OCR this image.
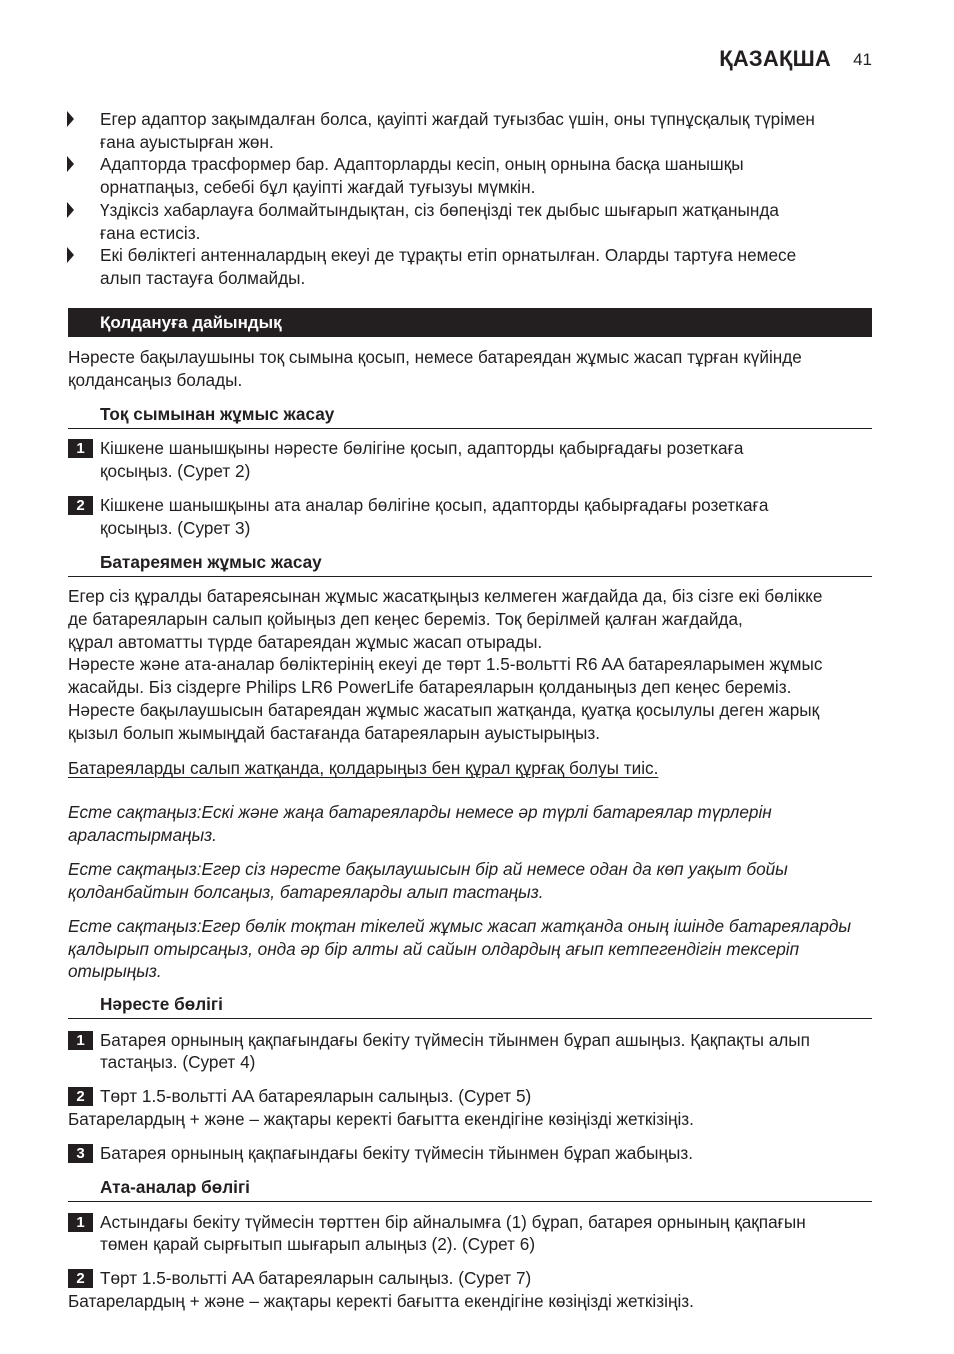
ҚАЗАҚША 41
Егер адаптор зақымдалған болса, қауіпті жағдай туғызбас үшін, оны түпнұсқалық түрімен
ғана ауыстырған жөн.
Адапторда трасформер бар. Адапторларды кесіп, оның орнына басқа шанышқы
орнатпаңыз, себебі бұл қауіпті жағдай туғызуы мүмкін.
Үздіксіз хабарлауға болмайтындықтан, сіз бөпеңізді тек дыбыс шығарып жатқанында
ғана естисіз.
Екі бөліктегі антенналардың екеуі де тұрақты етіп орнатылған. Оларды тартуға немесе
алып тастауға болмайды.
Қолдануға дайындық
Нәресте бақылаушыны тоқ сымына қосып, немесе батареядан жұмыс жасап тұрған күйінде
қолдансаңыз болады.
Тоқ сымынан жұмыс жасау
1 Кішкене шанышқыны нәресте бөлігіне қосып, адапторды қабырғадағы розеткаға
қосыңыз. (Сурет 2)
2 Кішкене шанышқыны ата аналар бөлігіне қосып, адапторды қабырғадағы розеткаға
қосыңыз. (Сурет 3)
Батареямен жұмыс жасау
Егер сіз құралды батареясынан жұмыс жасатқыңыз келмеген жағдайда да, біз сізге екі бөлікке
де батареяларын салып қойыңыз деп кеңес береміз. Тоқ берілмей қалған жағдайда,
құрал автоматты түрде батареядан жұмыс жасап отырады.
Нәресте және ата-аналар бөліктерінің екеуі де төрт 1.5-вольтті R6 AA батареяларымен жұмыс
жасайды. Біз сіздерге Philips LR6 PowerLife батареяларын қолданыңыз деп кеңес береміз.
Нәресте бақылаушысын батареядан жұмыс жасатып жатқанда, қуатқа қосылулы деген жарық
қызыл болып жымыңдай бастағанда батареяларын ауыстырыңыз.
Батареяларды салып жатқанда, қолдарыңыз бен құрал құрғақ болуы тиіс.
Есте сақтаңыз:Ескі және жаңа батареяларды немесе әр түрлі батареялар түрлерін
араластырмаңыз.
Есте сақтаңыз:Егер сіз нәресте бақылаушысын бір ай немесе одан да көп уақыт бойы
қолданбайтын болсаңыз, батареяларды алып тастаңыз.
Есте сақтаңыз:Егер бөлік тоқтан тікелей жұмыс жасап жатқанда оның ішінде батареяларды
қалдырып отырсаңыз, онда әр бір алты ай сайын олдардың ағып кетпегендігін тексеріп
отырыңыз.
Нәресте бөлігі
1 Батарея орнының қақпағындағы бекіту түймесін тйынмен бұрап ашыңыз. Қақпақты алып
тастаңыз. (Сурет 4)
2 Төрт 1.5-вольтті AA батареяларын салыңыз. (Сурет 5)
Батарелардың + және – жақтары керекті бағытта екендігіне көзіңізді жеткізіңіз.
3 Батарея орнының қақпағындағы бекіту түймесін тйынмен бұрап жабыңыз.
Ата-аналар бөлігі
1 Астындағы бекіту түймесін төрттен бір айналымға (1) бұрап, батарея орнының қақпағын
төмен қарай сырғытып шығарып алыңыз (2). (Сурет 6)
2 Төрт 1.5-вольтті AA батареяларын салыңыз. (Сурет 7)
Батарелардың + және – жақтары керекті бағытта екендігіне көзіңізді жеткізіңіз.
